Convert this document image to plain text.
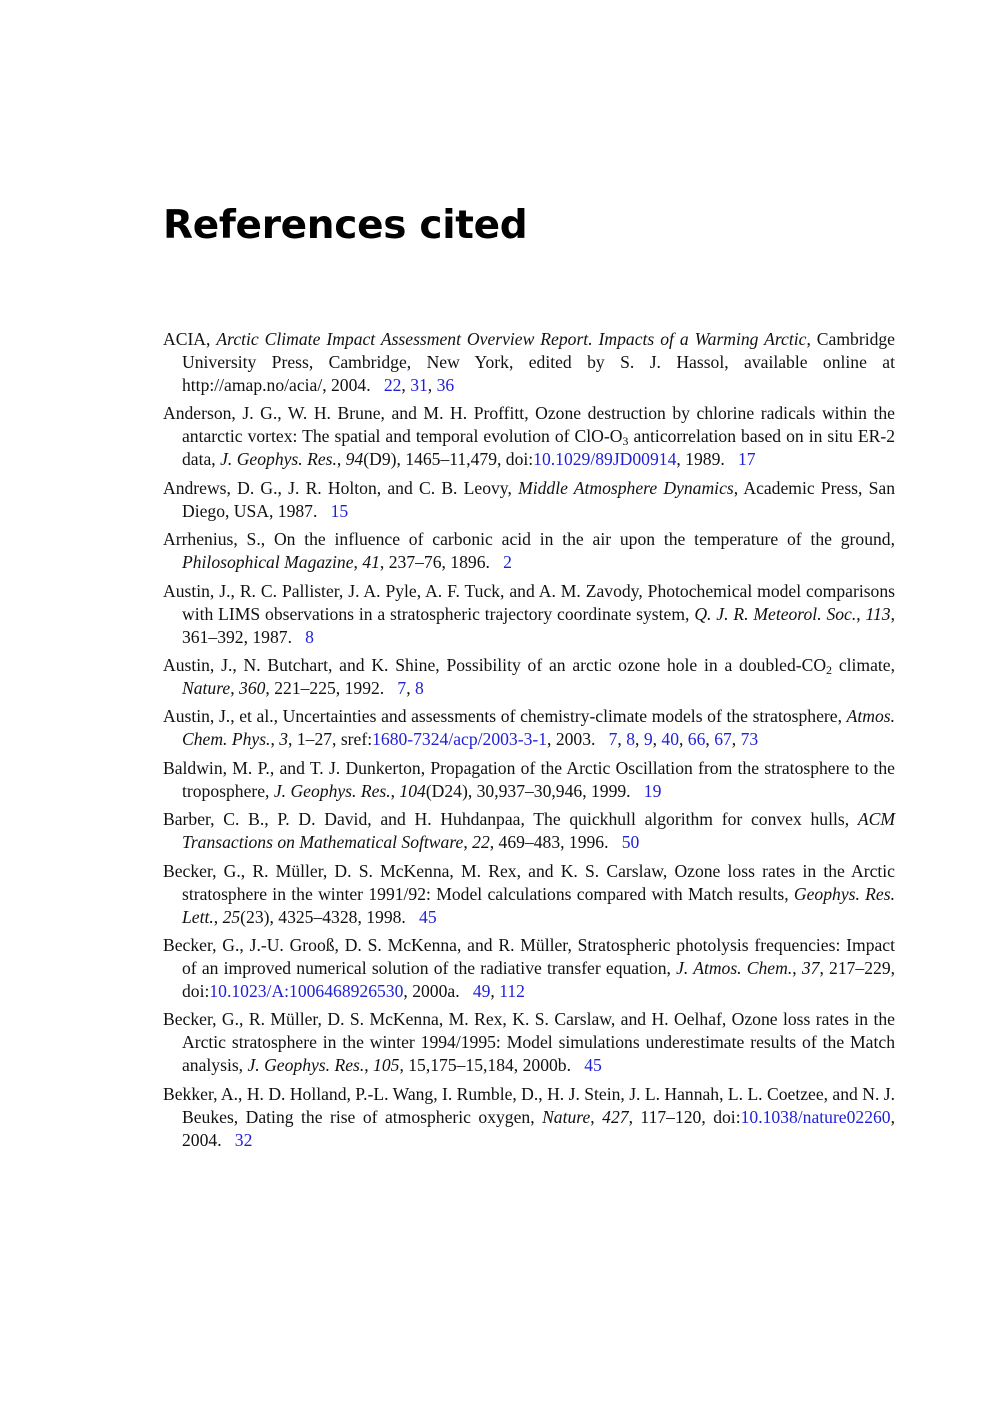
References cited

ACIA, Arctic Climate Impact Assessment Overview Report. Impacts of a Warming Arctic, Cambridge University Press, Cambridge, New York, edited by S. J. Hassol, available online at http://amap.no/acia/, 2004. 22, 31, 36

Anderson, J. G., W. H. Brune, and M. H. Proffitt, Ozone destruction by chlorine radicals within the antarctic vortex: The spatial and temporal evolution of ClO-$O_3$ anticorrelation based on in situ ER-2 data, J. Geophys. Res., 94(D9), 1465–11,479, doi:10.1029/89JD00914, 1989. 17

Andrews, D. G., J. R. Holton, and C. B. Leovy, Middle Atmosphere Dynamics, Academic Press, San Diego, USA, 1987. 15

Arrhenius, S., On the influence of carbonic acid in the air upon the temperature of the ground, Philosophical Magazine, 41, 237–76, 1896. 2

Austin, J., R. C. Pallister, J. A. Pyle, A. F. Tuck, and A. M. Zavody, Photochemical model comparisons with LIMS observations in a stratospheric trajectory coordinate system, Q. J. R. Meteorol. Soc., 113, 361–392, 1987. 8

Austin, J., N. Butchart, and K. Shine, Possibility of an arctic ozone hole in a doubled-$CO_2$ climate, Nature, 360, 221–225, 1992. 7, 8

Austin, J., et al., Uncertainties and assessments of chemistry-climate models of the stratosphere, Atmos. Chem. Phys., 3, 1–27, sref:1680-7324/acp/2003-3-1, 2003. 7, 8, 9, 40, 66, 67, 73

Baldwin, M. P., and T. J. Dunkerton, Propagation of the Arctic Oscillation from the stratosphere to the troposphere, J. Geophys. Res., 104(D24), 30,937–30,946, 1999. 19

Barber, C. B., P. D. David, and H. Huhdanpaa, The quickhull algorithm for convex hulls, ACM Transactions on Mathematical Software, 22, 469–483, 1996. 50

Becker, G., R. Müller, D. S. McKenna, M. Rex, and K. S. Carslaw, Ozone loss rates in the Arctic stratosphere in the winter 1991/92: Model calculations compared with Match results, Geophys. Res. Lett., 25(23), 4325–4328, 1998. 45

Becker, G., J.-U. Grooß, D. S. McKenna, and R. Müller, Stratospheric photolysis frequencies: Impact of an improved numerical solution of the radiative transfer equation, J. Atmos. Chem., 37, 217–229, doi:10.1023/A:1006468926530, 2000a. 49, 112

Becker, G., R. Müller, D. S. McKenna, M. Rex, K. S. Carslaw, and H. Oelhaf, Ozone loss rates in the Arctic stratosphere in the winter 1994/1995: Model simulations underestimate results of the Match analysis, J. Geophys. Res., 105, 15,175–15,184, 2000b. 45

Bekker, A., H. D. Holland, P.-L. Wang, I. Rumble, D., H. J. Stein, J. L. Hannah, L. L. Coetzee, and N. J. Beukes, Dating the rise of atmospheric oxygen, Nature, 427, 117–120, doi:10.1038/nature02260, 2004. 32
